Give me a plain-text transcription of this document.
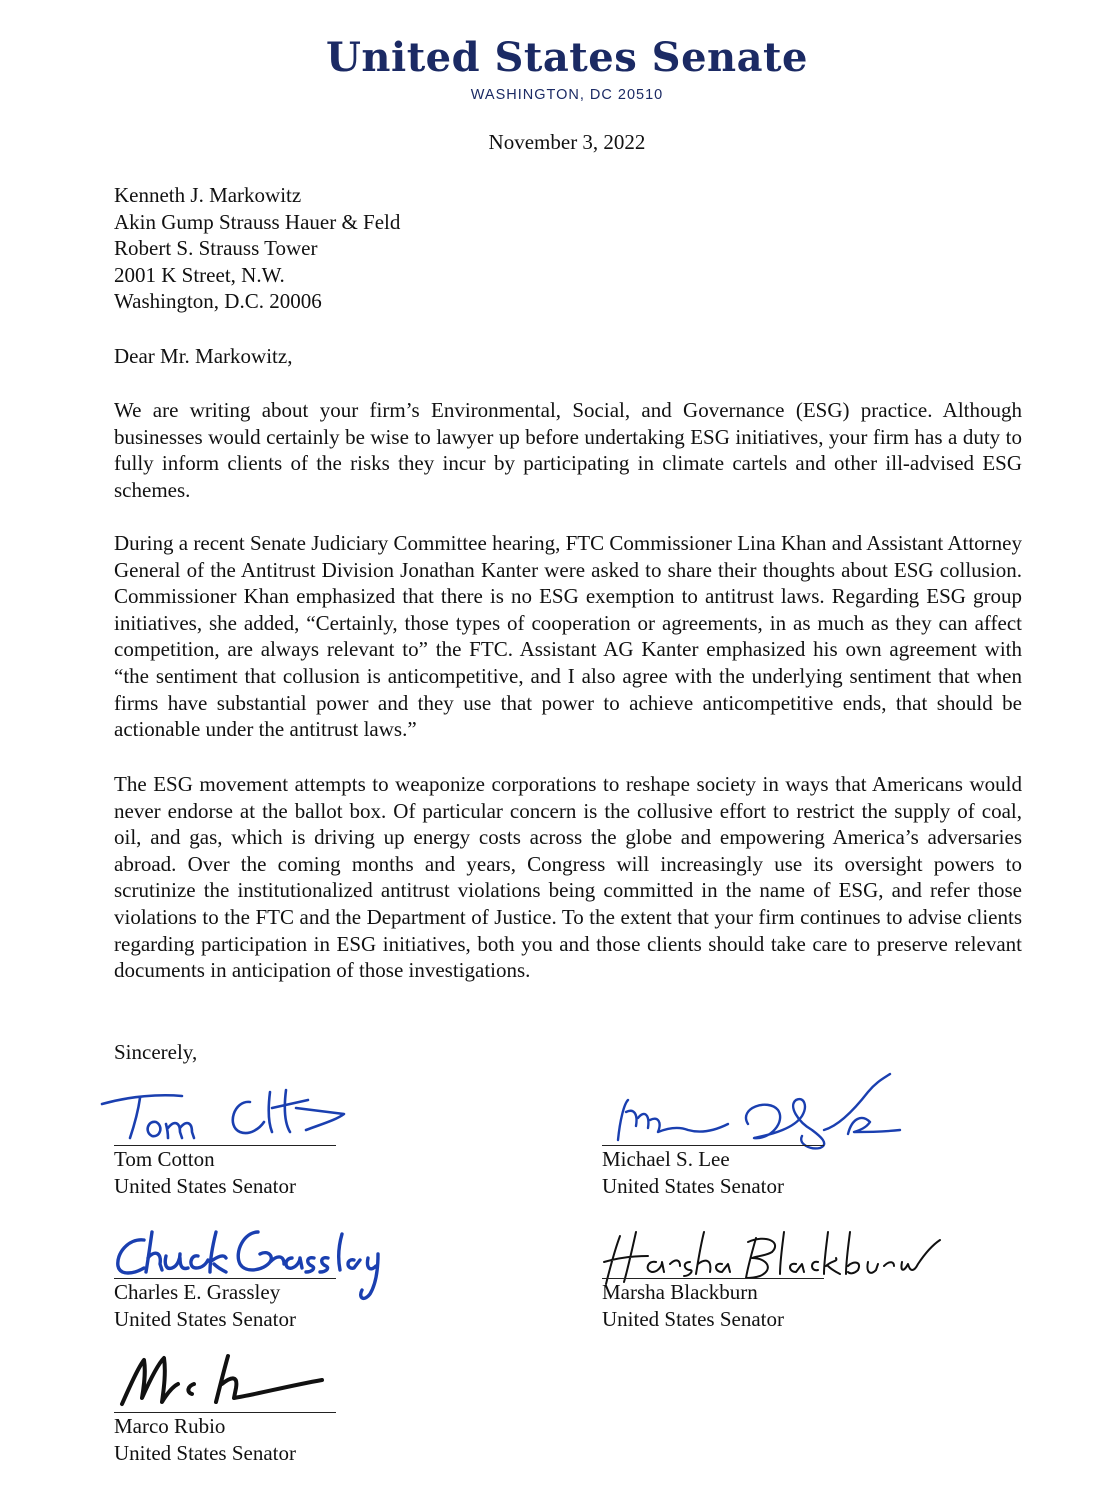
United States Senate
WASHINGTON, DC 20510
November 3, 2022
Kenneth J. Markowitz
Akin Gump Strauss Hauer & Feld
Robert S. Strauss Tower
2001 K Street, N.W.
Washington, D.C. 20006
Dear Mr. Markowitz,
We are writing about your firm’s Environmental, Social, and Governance (ESG) practice. Although businesses would certainly be wise to lawyer up before undertaking ESG initiatives, your firm has a duty to fully inform clients of the risks they incur by participating in climate cartels and other ill-advised ESG schemes.
During a recent Senate Judiciary Committee hearing, FTC Commissioner Lina Khan and Assistant Attorney General of the Antitrust Division Jonathan Kanter were asked to share their thoughts about ESG collusion. Commissioner Khan emphasized that there is no ESG exemption to antitrust laws. Regarding ESG group initiatives, she added, “Certainly, those types of cooperation or agreements, in as much as they can affect competition, are always relevant to” the FTC. Assistant AG Kanter emphasized his own agreement with “the sentiment that collusion is anticompetitive, and I also agree with the underlying sentiment that when firms have substantial power and they use that power to achieve anticompetitive ends, that should be actionable under the antitrust laws.”
The ESG movement attempts to weaponize corporations to reshape society in ways that Americans would never endorse at the ballot box. Of particular concern is the collusive effort to restrict the supply of coal, oil, and gas, which is driving up energy costs across the globe and empowering America’s adversaries abroad. Over the coming months and years, Congress will increasingly use its oversight powers to scrutinize the institutionalized antitrust violations being committed in the name of ESG, and refer those violations to the FTC and the Department of Justice. To the extent that your firm continues to advise clients regarding participation in ESG initiatives, both you and those clients should take care to preserve relevant documents in anticipation of those investigations.
Sincerely,
Tom Cotton
United States Senator
Michael S. Lee
United States Senator
Charles E. Grassley
United States Senator
Marsha Blackburn
United States Senator
Marco Rubio
United States Senator
